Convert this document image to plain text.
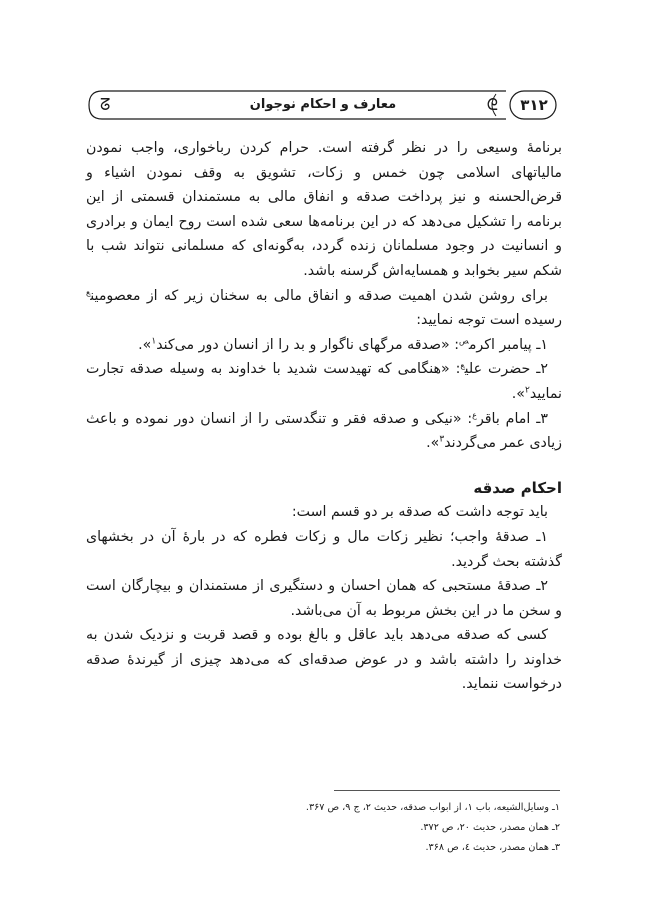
۳۱۲
ᘓ
معارف و احکام نوجوان
ᘔ

برنامهٔ وسیعی را در نظر گرفته است. حرام کردن رباخواری، واجب نمودن مالیاتهای اسلامی چون خمس و زکات، تشویق به وقف نمودن اشیاء و قرض‌الحسنه و نیز پرداخت صدقه و انفاق مالی به مستمندان قسمتی از این برنامه را تشکیل می‌دهد که در این برنامه‌ها سعی شده است روح ایمان و برادری و انسانیت در وجود مسلمانان زنده گردد، به‌گونه‌ای که مسلمانی نتواند شب با شکم سیر بخوابد و همسایه‌اش گرسنه باشد.

برای روشن شدن اهمیت صدقه و انفاق مالی به سخنان زیر که از معصومین$^ع$ رسیده است توجه نمایید:

۱ـ پیامبر اکرم$^ص$: «صدقه مرگهای ناگوار و بد را از انسان دور می‌کند$^۱$».

۲ـ حضرت علی$^ع$: «هنگامی که تهیدست شدید با خداوند به وسیله صدقه تجارت نمایید$^۲$».

۳ـ امام باقر$^ع$: «نیکی و صدقه فقر و تنگدستی را از انسان دور نموده و باعث زیادی عمر می‌گردند$^۳$».

احکام صدقه

باید توجه داشت که صدقه بر دو قسم است:

۱ـ صدقهٔ واجب؛ نظیر زکات مال و زکات فطره که در بارهٔ آن در بخشهای گذشته بحث گردید.

۲ـ صدقهٔ مستحبی که همان احسان و دستگیری از مستمندان و بیچارگان است و سخن ما در این بخش مربوط به آن می‌باشد.

کسی که صدقه می‌دهد باید عاقل و بالغ بوده و قصد قربت و نزدیک شدن به خداوند را داشته باشد و در عوض صدقه‌ای که می‌دهد چیزی از گیرندهٔ صدقه درخواست ننماید.

۱ـ وسایل‌الشیعه، باب ۱، از ابواب صدقه، حدیث ۲، ج ۹، ص ۳۶۷.
۲ـ همان مصدر، حدیث ۲۰، ص ۳۷۲.
۳ـ همان مصدر، حدیث ٤، ص ۳۶۸.
